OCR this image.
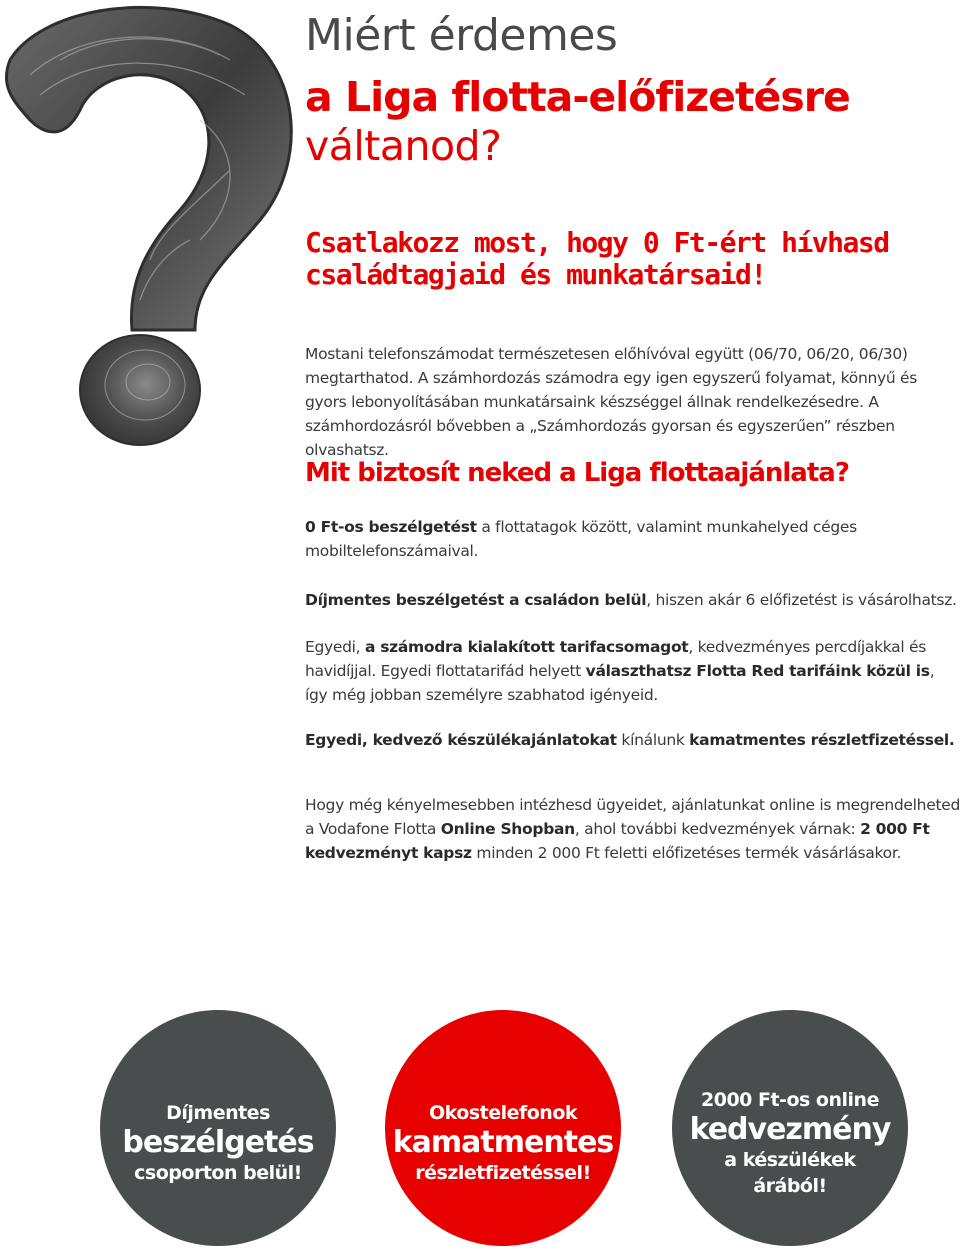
Miért érdemes
a Liga flotta-előfizetésre
váltanod?
Csatlakozz most, hogy 0 Ft-ért hívhasd családtagjaid és munkatársaid!
Mostani telefonszámodat természetesen előhívóval együtt (06/70, 06/20, 06/30) megtarthatod. A számhordozás számodra egy igen egyszerű folyamat, könnyű és gyors lebonyolításában munkatársaink készséggel állnak rendelkezésedre. A számhordozásról bővebben a „Számhordozás gyorsan és egyszerűen” részben olvashatsz.
Mit biztosít neked a Liga flottaajánlata?
0 Ft-os beszélgetést a flottatagok között, valamint munkahelyed céges mobiltelefonszámaival.
Díjmentes beszélgetést a családon belül, hiszen akár 6 előfizetést is vásárolhatsz.
Egyedi, a számodra kialakított tarifacsomagot, kedvezményes percdíjakkal és havidíjjal. Egyedi flottatarifád helyett választhatsz Flotta Red tarifáink közül is, így még jobban személyre szabhatod igényeid.
Egyedi, kedvező készülékajánlatokat kínálunk kamatmentes részletfizetéssel.
Hogy még kényelmesebben intézhesd ügyeidet, ajánlatunkat online is megrendelheted a Vodafone Flotta Online Shopban, ahol további kedvezmények várnak: 2 000 Ft kedvezményt kapsz minden 2 000 Ft feletti előfizetéses termék vásárlásakor.
Díjmentes
beszélgetés
csoporton belül!
Okostelefonok
kamatmentes
részletfizetéssel!
2000 Ft-os online
kedvezmény
a készülékek
árából!
